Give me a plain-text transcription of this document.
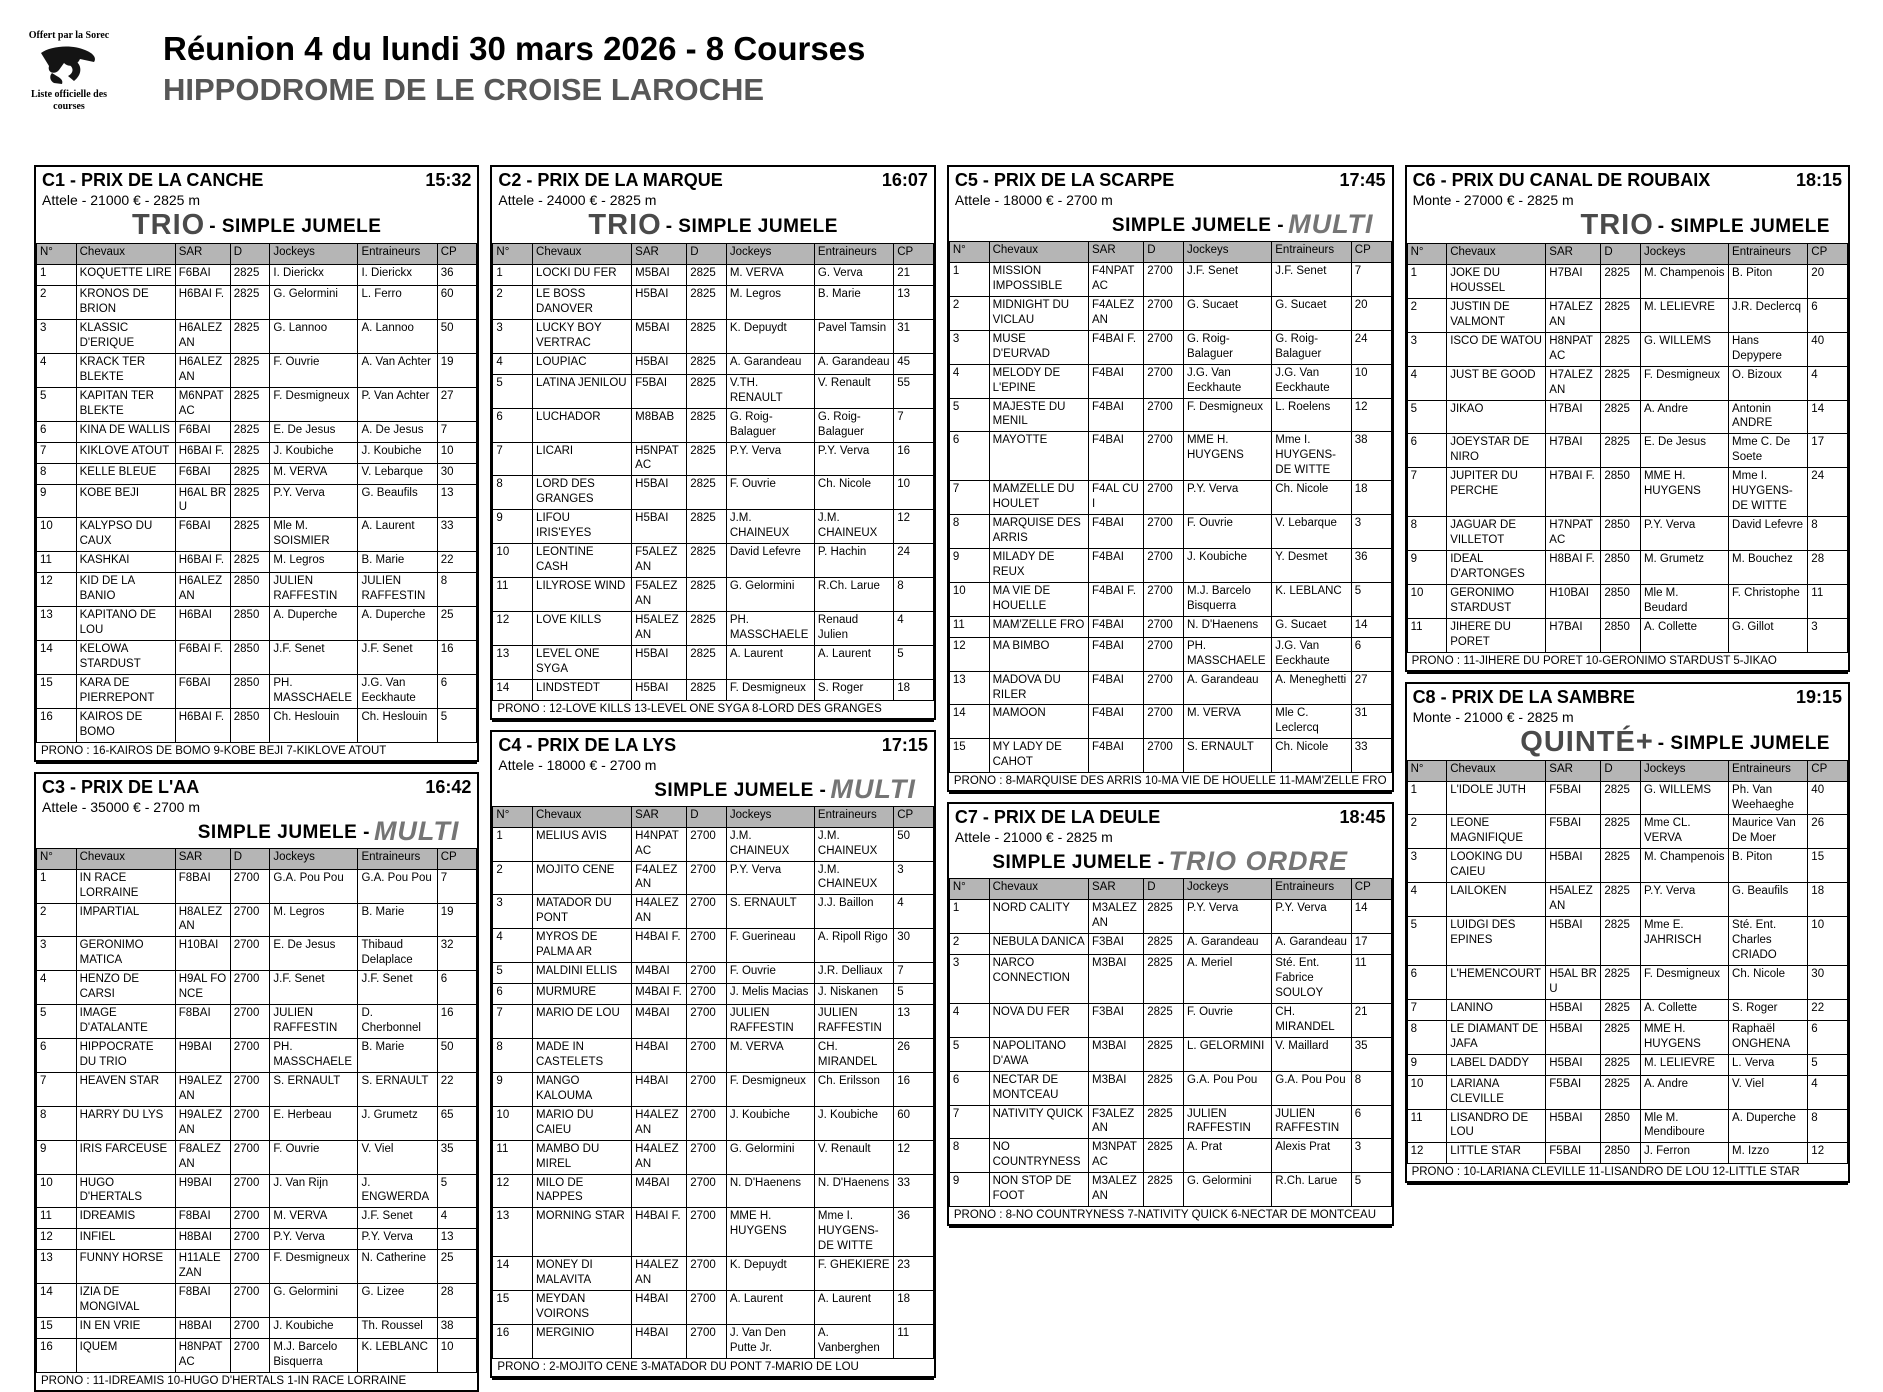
Offert par la Sorec
Liste officielle des courses
Réunion 4 du lundi 30 mars 2026 - 8 Courses
HIPPODROME DE LE CROISE LAROCHE
C1 - PRIX DE LA CANCHE	15:32
Attele - 21000 € - 2825 m
TRIO - SIMPLE JUMELE
N°	Chevaux	SAR	D	Jockeys	Entraineurs	CP
1	KOQUETTE LIRE	F6BAI	2825	I. Dierickx	I. Dierickx	36
2	KRONOS DE BRION	H6BAI F.	2825	G. Gelormini	L. Ferro	60
3	KLASSIC D'ERIQUE	H6ALEZAN	2825	G. Lannoo	A. Lannoo	50
4	KRACK TER BLEKTE	H6ALEZAN	2825	F. Ouvrie	A. Van Achter	19
5	KAPITAN TER BLEKTE	M6NPATAC	2825	F. Desmigneux	P. Van Achter	27
6	KINA DE WALLIS	F6BAI	2825	E. De Jesus	A. De Jesus	7
7	KIKLOVE ATOUT	H6BAI F.	2825	J. Koubiche	J. Koubiche	10
8	KELLE BLEUE	F6BAI	2825	M. VERVA	V. Lebarque	30
9	KOBE BEJI	H6AL BRU	2825	P.Y. Verva	G. Beaufils	13
10	KALYPSO DU CAUX	F6BAI	2825	Mle M. SOISMIER	A. Laurent	33
11	KASHKAI	H6BAI F.	2825	M. Legros	B. Marie	22
12	KID DE LA BANIO	H6ALEZAN	2850	JULIEN RAFFESTIN	JULIEN RAFFESTIN	8
13	KAPITANO DE LOU	H6BAI	2850	A. Duperche	A. Duperche	25
14	KELOWA STARDUST	F6BAI F.	2850	J.F. Senet	J.F. Senet	16
15	KARA DE PIERREPONT	F6BAI	2850	PH. MASSCHAELE	J.G. Van Eeckhaute	6
16	KAIROS DE BOMO	H6BAI F.	2850	Ch. Heslouin	Ch. Heslouin	5
PRONO : 16-KAIROS DE BOMO 9-KOBE BEJI 7-KIKLOVE ATOUT
C3 - PRIX DE L'AA	16:42
Attele - 35000 € - 2700 m
SIMPLE JUMELE - MULTI
N°	Chevaux	SAR	D	Jockeys	Entraineurs	CP
1	IN RACE LORRAINE	F8BAI	2700	G.A. Pou Pou	G.A. Pou Pou	7
2	IMPARTIAL	H8ALEZAN	2700	M. Legros	B. Marie	19
3	GERONIMO MATICA	H10BAI	2700	E. De Jesus	Thibaud Delaplace	32
4	HENZO DE CARSI	H9AL FONCE	2700	J.F. Senet	J.F. Senet	6
5	IMAGE D'ATALANTE	F8BAI	2700	JULIEN RAFFESTIN	D. Cherbonnel	16
6	HIPPOCRATE DU TRIO	H9BAI	2700	PH. MASSCHAELE	B. Marie	50
7	HEAVEN STAR	H9ALEZAN	2700	S. ERNAULT	S. ERNAULT	22
8	HARRY DU LYS	H9ALEZAN	2700	E. Herbeau	J. Grumetz	65
9	IRIS FARCEUSE	F8ALEZAN	2700	F. Ouvrie	V. Viel	35
10	HUGO D'HERTALS	H9BAI	2700	J. Van Rijn	J. ENGWERDA	5
11	IDREAMIS	F8BAI	2700	M. VERVA	J.F. Senet	4
12	INFIEL	H8BAI	2700	P.Y. Verva	P.Y. Verva	13
13	FUNNY HORSE	H11ALEZAN	2700	F. Desmigneux	N. Catherine	25
14	IZIA DE MONGIVAL	F8BAI	2700	G. Gelormini	G. Lizee	28
15	IN EN VRIE	H8BAI	2700	J. Koubiche	Th. Roussel	38
16	IQUEM	H8NPATAC	2700	M.J. Barcelo Bisquerra	K. LEBLANC	10
PRONO : 11-IDREAMIS 10-HUGO D'HERTALS 1-IN RACE LORRAINE
C2 - PRIX DE LA MARQUE	16:07
Attele - 24000 € - 2825 m
TRIO - SIMPLE JUMELE
N°	Chevaux	SAR	D	Jockeys	Entraineurs	CP
1	LOCKI DU FER	M5BAI	2825	M. VERVA	G. Verva	21
2	LE BOSS DANOVER	H5BAI	2825	M. Legros	B. Marie	13
3	LUCKY BOY VERTRAC	M5BAI	2825	K. Depuydt	Pavel Tamsin	31
4	LOUPIAC	H5BAI	2825	A. Garandeau	A. Garandeau	45
5	LATINA JENILOU	F5BAI	2825	V.TH. RENAULT	V. Renault	55
6	LUCHADOR	M8BAB	2825	G. Roig-Balaguer	G. Roig-Balaguer	7
7	LICARI	H5NPATAC	2825	P.Y. Verva	P.Y. Verva	16
8	LORD DES GRANGES	H5BAI	2825	F. Ouvrie	Ch. Nicole	10
9	LIFOU IRIS'EYES	H5BAI	2825	J.M. CHAINEUX	J.M. CHAINEUX	12
10	LEONTINE CASH	F5ALEZAN	2825	David Lefevre	P. Hachin	24
11	LILYROSE WIND	F5ALEZAN	2825	G. Gelormini	R.Ch. Larue	8
12	LOVE KILLS	H5ALEZAN	2825	PH. MASSCHAELE	Renaud Julien	4
13	LEVEL ONE SYGA	H5BAI	2825	A. Laurent	A. Laurent	5
14	LINDSTEDT	H5BAI	2825	F. Desmigneux	S. Roger	18
PRONO : 12-LOVE KILLS 13-LEVEL ONE SYGA 8-LORD DES GRANGES
C4 - PRIX DE LA LYS	17:15
Attele - 18000 € - 2700 m
SIMPLE JUMELE - MULTI
N°	Chevaux	SAR	D	Jockeys	Entraineurs	CP
1	MELIUS AVIS	H4NPATAC	2700	J.M. CHAINEUX	J.M. CHAINEUX	50
2	MOJITO CENE	F4ALEZAN	2700	P.Y. Verva	J.M. CHAINEUX	3
3	MATADOR DU PONT	H4ALEZAN	2700	S. ERNAULT	J.J. Baillon	4
4	MYROS DE PALMA AR	H4BAI F.	2700	F. Guerineau	A. Ripoll Rigo	30
5	MALDINI ELLIS	M4BAI	2700	F. Ouvrie	J.R. Delliaux	7
6	MURMURE	M4BAI F.	2700	J. Melis Macias	J. Niskanen	5
7	MARIO DE LOU	M4BAI	2700	JULIEN RAFFESTIN	JULIEN RAFFESTIN	13
8	MADE IN CASTELETS	H4BAI	2700	M. VERVA	CH. MIRANDEL	26
9	MANGO KALOUMA	H4BAI	2700	F. Desmigneux	Ch. Erilsson	16
10	MARIO DU CAIEU	H4ALEZAN	2700	J. Koubiche	J. Koubiche	60
11	MAMBO DU MIREL	H4ALEZAN	2700	G. Gelormini	V. Renault	12
12	MILO DE NAPPES	M4BAI	2700	N. D'Haenens	N. D'Haenens	33
13	MORNING STAR	H4BAI F.	2700	MME H. HUYGENS	Mme I. HUYGENS-DE WITTE	36
14	MONEY DI MALAVITA	H4ALEZAN	2700	K. Depuydt	F. GHEKIERE	23
15	MEYDAN VOIRONS	H4BAI	2700	A. Laurent	A. Laurent	18
16	MERGINIO	H4BAI	2700	J. Van Den Putte Jr.	A. Vanberghen	11
PRONO : 2-MOJITO CENE 3-MATADOR DU PONT 7-MARIO DE LOU
C5 - PRIX DE LA SCARPE	17:45
Attele - 18000 € - 2700 m
SIMPLE JUMELE - MULTI
N°	Chevaux	SAR	D	Jockeys	Entraineurs	CP
1	MISSION IMPOSSIBLE	F4NPATAC	2700	J.F. Senet	J.F. Senet	7
2	MIDNIGHT DU VICLAU	F4ALEZAN	2700	G. Sucaet	G. Sucaet	20
3	MUSE D'EURVAD	F4BAI F.	2700	G. Roig-Balaguer	G. Roig-Balaguer	24
4	MELODY DE L'EPINE	F4BAI	2700	J.G. Van Eeckhaute	J.G. Van Eeckhaute	10
5	MAJESTE DU MENIL	F4BAI	2700	F. Desmigneux	L. Roelens	12
6	MAYOTTE	F4BAI	2700	MME H. HUYGENS	Mme I. HUYGENS-DE WITTE	38
7	MAMZELLE DU HOULET	F4AL CUI	2700	P.Y. Verva	Ch. Nicole	18
8	MARQUISE DES ARRIS	F4BAI	2700	F. Ouvrie	V. Lebarque	3
9	MILADY DE REUX	F4BAI	2700	J. Koubiche	Y. Desmet	36
10	MA VIE DE HOUELLE	F4BAI F.	2700	M.J. Barcelo Bisquerra	K. LEBLANC	5
11	MAM'ZELLE FRO	F4BAI	2700	N. D'Haenens	G. Sucaet	14
12	MA BIMBO	F4BAI	2700	PH. MASSCHAELE	J.G. Van Eeckhaute	6
13	MADOVA DU RILER	F4BAI	2700	A. Garandeau	A. Meneghetti	27
14	MAMOON	F4BAI	2700	M. VERVA	Mle C. Leclercq	31
15	MY LADY DE CAHOT	F4BAI	2700	S. ERNAULT	Ch. Nicole	33
PRONO : 8-MARQUISE DES ARRIS 10-MA VIE DE HOUELLE 11-MAM'ZELLE FRO
C7 - PRIX DE LA DEULE	18:45
Attele - 21000 € - 2825 m
SIMPLE JUMELE - TRIO ORDRE
N°	Chevaux	SAR	D	Jockeys	Entraineurs	CP
1	NORD CALITY	M3ALEZAN	2825	P.Y. Verva	P.Y. Verva	14
2	NEBULA DANICA	F3BAI	2825	A. Garandeau	A. Garandeau	17
3	NARCO CONNECTION	M3BAI	2825	A. Meriel	Sté. Ent. Fabrice SOULOY	11
4	NOVA DU FER	F3BAI	2825	F. Ouvrie	CH. MIRANDEL	21
5	NAPOLITANO D'AWA	M3BAI	2825	L. GELORMINI	V. Maillard	35
6	NECTAR DE MONTCEAU	M3BAI	2825	G.A. Pou Pou	G.A. Pou Pou	8
7	NATIVITY QUICK	F3ALEZAN	2825	JULIEN RAFFESTIN	JULIEN RAFFESTIN	6
8	NO COUNTRYNESS	M3NPATAC	2825	A. Prat	Alexis Prat	3
9	NON STOP DE FOOT	M3ALEZAN	2825	G. Gelormini	R.Ch. Larue	5
PRONO : 8-NO COUNTRYNESS 7-NATIVITY QUICK 6-NECTAR DE MONTCEAU
C6 - PRIX DU CANAL DE ROUBAIX	18:15
Monte - 27000 € - 2825 m
TRIO - SIMPLE JUMELE
N°	Chevaux	SAR	D	Jockeys	Entraineurs	CP
1	JOKE DU HOUSSEL	H7BAI	2825	M. Champenois	B. Piton	20
2	JUSTIN DE VALMONT	H7ALEZAN	2825	M. LELIEVRE	J.R. Declercq	6
3	ISCO DE WATOU	H8NPATAC	2825	G. WILLEMS	Hans Depypere	40
4	JUST BE GOOD	H7ALEZAN	2825	F. Desmigneux	O. Bizoux	4
5	JIKAO	H7BAI	2825	A. Andre	Antonin ANDRE	14
6	JOEYSTAR DE NIRO	H7BAI	2825	E. De Jesus	Mme C. De Soete	17
7	JUPITER DU PERCHE	H7BAI F.	2850	MME H. HUYGENS	Mme I. HUYGENS-DE WITTE	24
8	JAGUAR DE VILLETOT	H7NPATAC	2850	P.Y. Verva	David Lefevre	8
9	IDEAL D'ARTONGES	H8BAI F.	2850	M. Grumetz	M. Bouchez	28
10	GERONIMO STARDUST	H10BAI	2850	Mle M. Beudard	F. Christophe	11
11	JIHERE DU PORET	H7BAI	2850	A. Collette	G. Gillot	3
PRONO : 11-JIHERE DU PORET 10-GERONIMO STARDUST 5-JIKAO
C8 - PRIX DE LA SAMBRE	19:15
Monte - 21000 € - 2825 m
QUINTÉ+ - SIMPLE JUMELE
N°	Chevaux	SAR	D	Jockeys	Entraineurs	CP
1	L'IDOLE JUTH	F5BAI	2825	G. WILLEMS	Ph. Van Weehaeghe	40
2	LEONE MAGNIFIQUE	F5BAI	2825	Mme CL. VERVA	Maurice Van De Moer	26
3	LOOKING DU CAIEU	H5BAI	2825	M. Champenois	B. Piton	15
4	LAILOKEN	H5ALEZAN	2825	P.Y. Verva	G. Beaufils	18
5	LUIDGI DES EPINES	H5BAI	2825	Mme E. JAHRISCH	Sté. Ent. Charles CRIADO	10
6	L'HEMENCOURT	H5AL BRU	2825	F. Desmigneux	Ch. Nicole	30
7	LANINO	H5BAI	2825	A. Collette	S. Roger	22
8	LE DIAMANT DE JAFA	H5BAI	2825	MME H. HUYGENS	Raphaël ONGHENA	6
9	LABEL DADDY	H5BAI	2825	M. LELIEVRE	L. Verva	5
10	LARIANA CLEVILLE	F5BAI	2825	A. Andre	V. Viel	4
11	LISANDRO DE LOU	H5BAI	2850	Mle M. Mendiboure	A. Duperche	8
12	LITTLE STAR	F5BAI	2850	J. Ferron	M. Izzo	12
PRONO : 10-LARIANA CLEVILLE 11-LISANDRO DE LOU 12-LITTLE STAR
